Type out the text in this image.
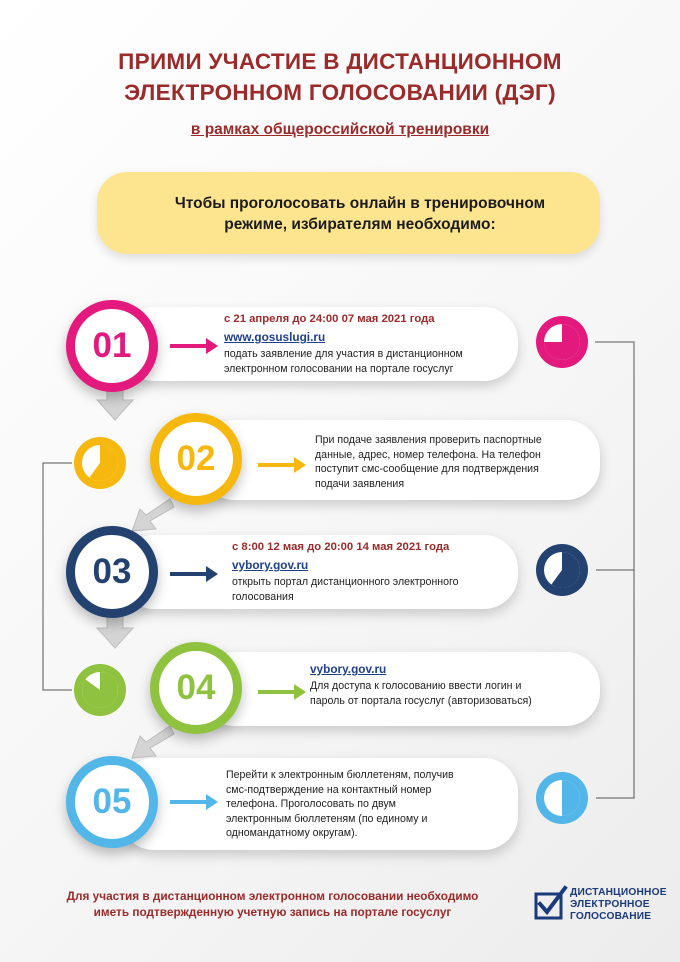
ПРИМИ УЧАСТИЕ В ДИСТАНЦИОННОМ
ЭЛЕКТРОННОМ ГОЛОСОВАНИИ (ДЭГ)
в рамках общероссийской тренировки
Чтобы проголосовать онлайн в тренировочном
режиме, избирателям необходимо:
01
02
03
04
05
с 21 апреля до 24:00 07 мая 2021 года
www.gosuslugi.ru
подать заявление для участия в дистанционном
электронном голосовании на портале госуслуг
При подаче заявления проверить паспортные
данные, адрес, номер телефона. На телефон
поступит смс-сообщение для подтверждения
подачи заявления
с 8:00 12 мая до 20:00 14 мая 2021 года
vybory.gov.ru
открыть портал дистанционного электронного
голосования
vybory.gov.ru
Для доступа к голосованию ввести логин и
пароль от портала госуслуг (авторизоваться)
Перейти к электронным бюллетеням, получив
смс-подтверждение на контактный номер
телефона. Проголосовать по двум
электронным бюллетеням (по единому и
одномандатному округам).
Для участия в дистанционном электронном голосовании необходимо
иметь подтвержденную учетную запись на портале госуслуг
ДИСТАНЦИОННОЕ
ЭЛЕКТРОННОЕ
ГОЛОСОВАНИЕ
